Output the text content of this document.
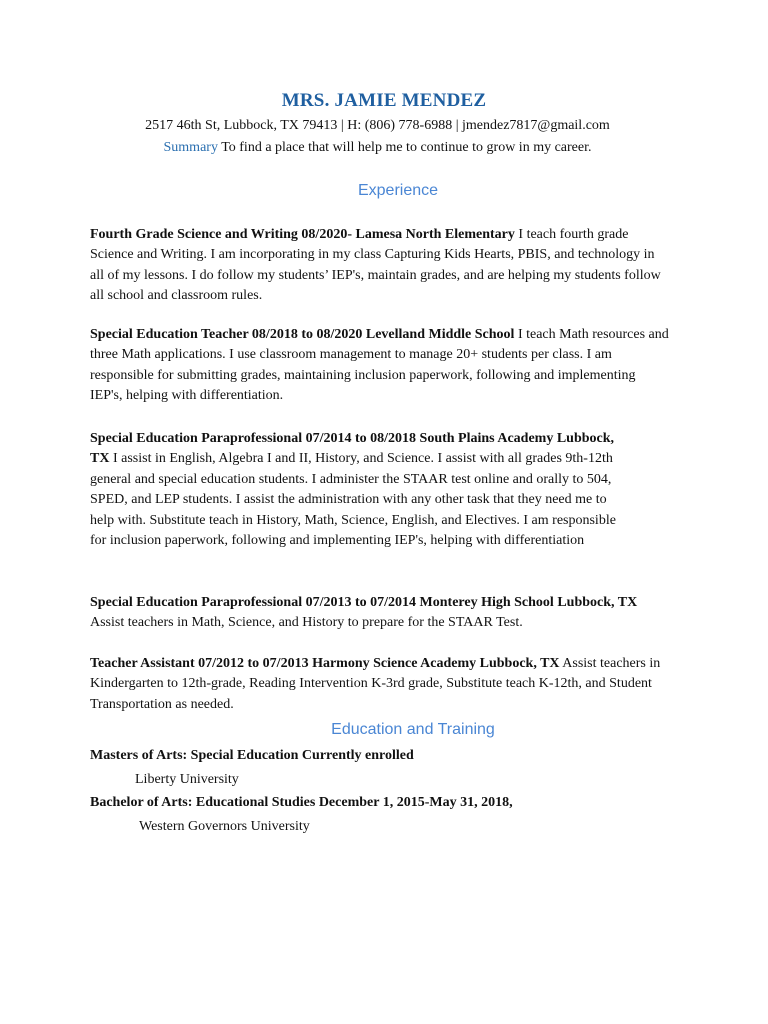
MRS. JAMIE MENDEZ
2517 46th St, Lubbock, TX 79413 | H: (806) 778-6988 | jmendez7817@gmail.com
Summary To find a place that will help me to continue to grow in my career.
Experience
Fourth Grade Science and Writing 08/2020- Lamesa North Elementary I teach fourth grade Science and Writing. I am incorporating in my class Capturing Kids Hearts, PBIS, and technology in all of my lessons. I do follow my students’ IEP's, maintain grades, and are helping my students follow all school and classroom rules.
Special Education Teacher 08/2018 to 08/2020 Levelland Middle School I teach Math resources and three Math applications. I use classroom management to manage 20+ students per class. I am responsible for submitting grades, maintaining inclusion paperwork, following and implementing IEP's, helping with differentiation.
Special Education Paraprofessional 07/2014 to 08/2018 South Plains Academy Lubbock, TX I assist in English, Algebra I and II, History, and Science. I assist with all grades 9th-12th general and special education students. I administer the STAAR test online and orally to 504, SPED, and LEP students. I assist the administration with any other task that they need me to help with. Substitute teach in History, Math, Science, English, and Electives. I am responsible for inclusion paperwork, following and implementing IEP's, helping with differentiation
Special Education Paraprofessional 07/2013 to 07/2014 Monterey High School Lubbock, TX Assist teachers in Math, Science, and History to prepare for the STAAR Test.
Teacher Assistant 07/2012 to 07/2013 Harmony Science Academy Lubbock, TX Assist teachers in Kindergarten to 12th-grade, Reading Intervention K-3rd grade, Substitute teach K-12th, and Student Transportation as needed.
Education and Training
Masters of Arts: Special Education Currently enrolled
Liberty University
Bachelor of Arts: Educational Studies December 1, 2015-May 31, 2018,
Western Governors University
